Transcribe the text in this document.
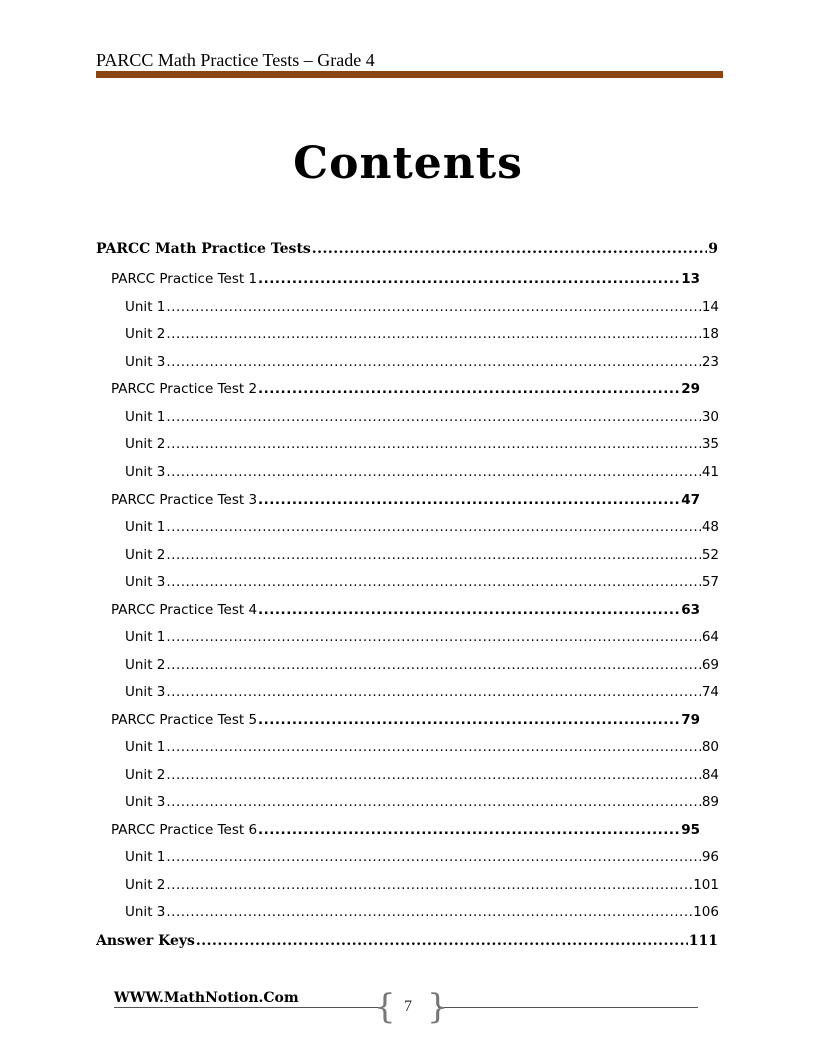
PARCC Math Practice Tests – Grade 4
Contents
PARCC Math Practice Tests .....	9
PARCC Practice Test 1 .....	13
Unit 1 .....	14
Unit 2 .....	18
Unit 3 .....	23
PARCC Practice Test 2 .....	29
Unit 1 .....	30
Unit 2 .....	35
Unit 3 .....	41
PARCC Practice Test 3 .....	47
Unit 1 .....	48
Unit 2 .....	52
Unit 3 .....	57
PARCC Practice Test 4 .....	63
Unit 1 .....	64
Unit 2 .....	69
Unit 3 .....	74
PARCC Practice Test 5 .....	79
Unit 1 .....	80
Unit 2 .....	84
Unit 3 .....	89
PARCC Practice Test 6 .....	95
Unit 1 .....	96
Unit 2 .....	101
Unit 3 .....	106
Answer Keys .....	111
WWW.MathNotion.Com { }
7
